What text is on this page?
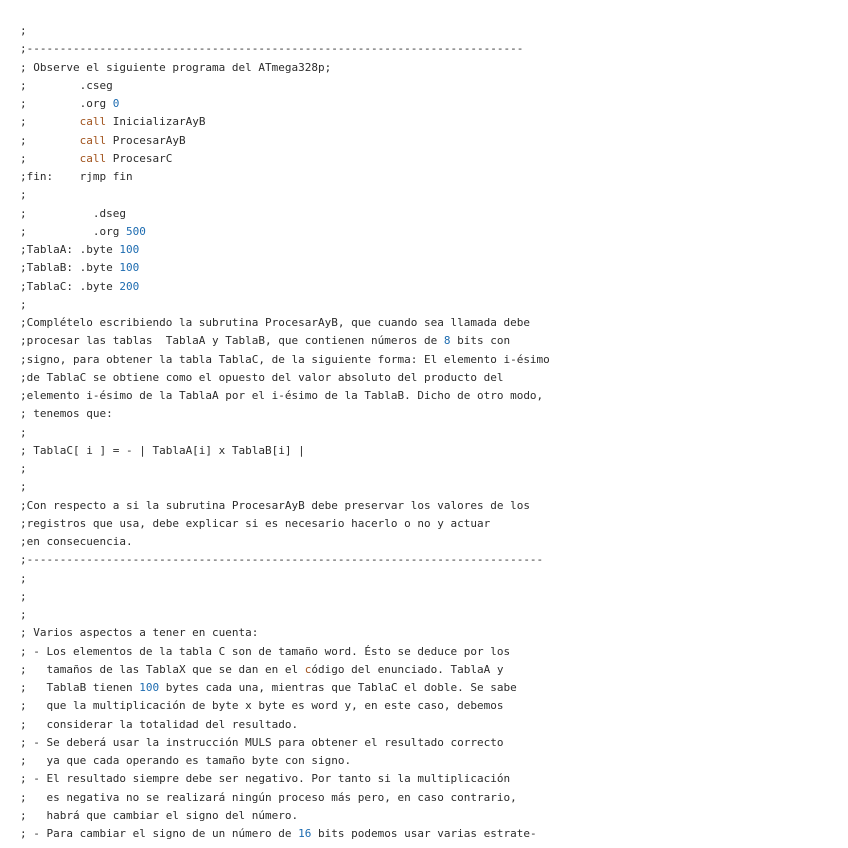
;
;---------------------------------------------------------------------------
; Observe el siguiente programa del ATmega328p;
;        .cseg
;        .org 0
;        call InicializarAyB
;        call ProcesarAyB
;        call ProcesarC
;fin:    rjmp fin
;
;          .dseg
;          .org 500
;TablaA: .byte 100
;TablaB: .byte 100
;TablaC: .byte 200
;
;Complételo escribiendo la subrutina ProcesarAyB, que cuando sea llamada debe
;procesar las tablas  TablaA y TablaB, que contienen números de 8 bits con
;signo, para obtener la tabla TablaC, de la siguiente forma: El elemento i-ésimo
;de TablaC se obtiene como el opuesto del valor absoluto del producto del
;elemento i-ésimo de la TablaA por el i-ésimo de la TablaB. Dicho de otro modo,
; tenemos que:
;
; TablaC[ i ] = - | TablaA[i] x TablaB[i] |
;
;
;Con respecto a si la subrutina ProcesarAyB debe preservar los valores de los
;registros que usa, debe explicar si es necesario hacerlo o no y actuar
;en consecuencia.
;------------------------------------------------------------------------------
;
;
;
; Varios aspectos a tener en cuenta:
; - Los elementos de la tabla C son de tamaño word. Ésto se deduce por los
;   tamaños de las TablaX que se dan en el código del enunciado. TablaA y
;   TablaB tienen 100 bytes cada una, mientras que TablaC el doble. Se sabe
;   que la multiplicación de byte x byte es word y, en este caso, debemos
;   considerar la totalidad del resultado.
; - Se deberá usar la instrucción MULS para obtener el resultado correcto
;   ya que cada operando es tamaño byte con signo.
; - El resultado siempre debe ser negativo. Por tanto si la multiplicación
;   es negativa no se realizará ningún proceso más pero, en caso contrario,
;   habrá que cambiar el signo del número.
; - Para cambiar el signo de un número de 16 bits podemos usar varias estrate-
